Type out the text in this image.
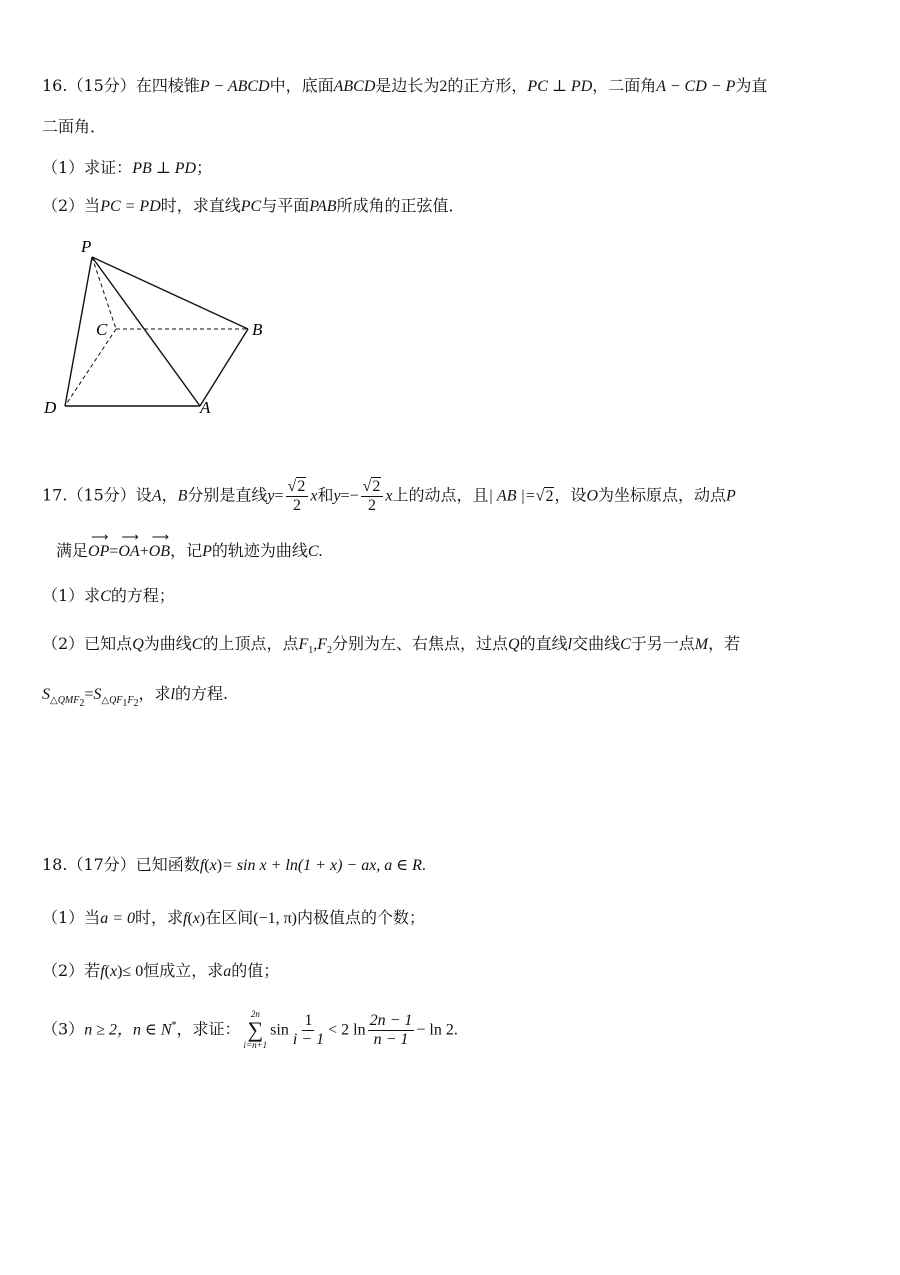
16.（15分）在四棱锥P − ABCD中，底面ABCD是边长为2的正方形，PC ⊥ PD，二面角A − CD − P为直
二面角．
（1）求证：PB ⊥ PD；
（2）当PC = PD时，求直线PC与平面PAB所成角的正弦值．
P
C	B
D	A
17.（15分）设A，B分别是直线$y= \frac{√2}{2}$ x和$y=- \frac{√2}{2}$ x上的动点，且| AB |=√2，设O为坐标原点，动点P
满足⟶ OP=⟶ OA+⟶ OB，记P的轨迹为曲线C.
（1）求C的方程；
（2）已知点Q为曲线C的上顶点，点$F_1,F_2$分别为左、右焦点，过点Q的直线l交曲线C于另一点M，若
$S_{\triangle QMF_2}=S_{\triangle QF_1F_2}$，求l的方程.
18.（17分）已知函数f(x)= sin x + ln(1 + x) − ax, a ∈ R.
（1）当a = 0时，求f(x)在区间(−1, π)内极值点的个数；
（2）若f(x)≤ 0恒成立，求a的值；
（3）n ≥ 2，n ∈ N*，求证：
2n
∑
i=n+1
$\sin \frac{1}{i - 1} < 2$ $\ln \frac{2n - 1}{n - 1} - \ln 2$.
